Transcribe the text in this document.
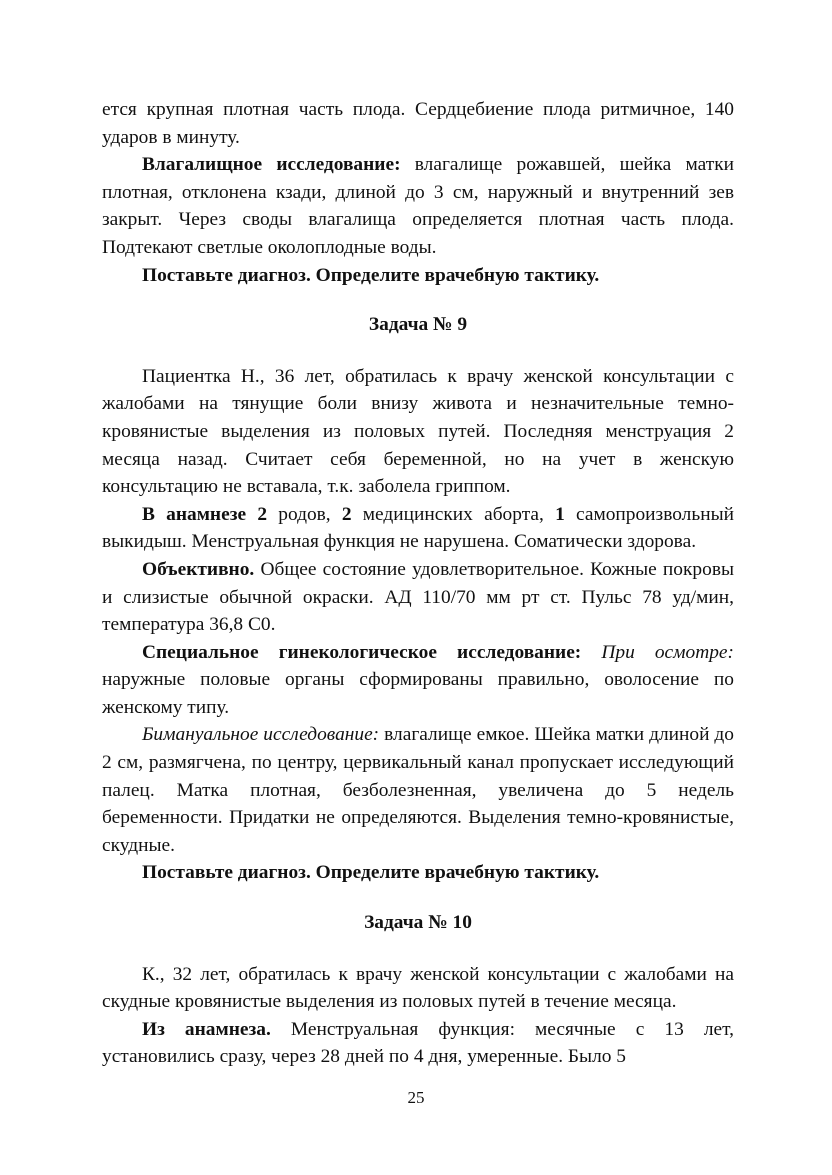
ется крупная плотная часть плода. Сердцебиение плода ритмичное, 140 ударов в минуту.

Влагалищное исследование: влагалище рожавшей, шейка матки плотная, отклонена кзади, длиной до 3 см, наружный и внутренний зев закрыт. Через своды влагалища определяется плотная часть плода. Подтекают светлые околоплодные воды.

Поставьте диагноз. Определите врачебную тактику.

Задача № 9

Пациентка Н., 36 лет, обратилась к врачу женской консультации с жалобами на тянущие боли внизу живота и незначительные темно-кровянистые выделения из половых путей. Последняя менструация 2 месяца назад. Считает себя беременной, но на учет в женскую консультацию не вставала, т.к. заболела гриппом.

В анамнезе 2 родов, 2 медицинских аборта, 1 самопроизвольный выкидыш. Менструальная функция не нарушена. Соматически здорова.

Объективно. Общее состояние удовлетворительное. Кожные покровы и слизистые обычной окраски. АД 110/70 мм рт ст. Пульс 78 уд/мин, температура 36,8 С0.

Специальное гинекологическое исследование: При осмотре: наружные половые органы сформированы правильно, оволосение по женскому типу.

Бимануальное исследование: влагалище емкое. Шейка матки длиной до 2 см, размягчена, по центру, цервикальный канал пропускает исследующий палец. Матка плотная, безболезненная, увеличена до 5 недель беременности. Придатки не определяются. Выделения темно-кровянистые, скудные.

Поставьте диагноз. Определите врачебную тактику.

Задача № 10

К., 32 лет, обратилась к врачу женской консультации с жалобами на скудные кровянистые выделения из половых путей в течение месяца.

Из анамнеза. Менструальная функция: месячные с 13 лет, установились сразу, через 28 дней по 4 дня, умеренные. Было 5

25
